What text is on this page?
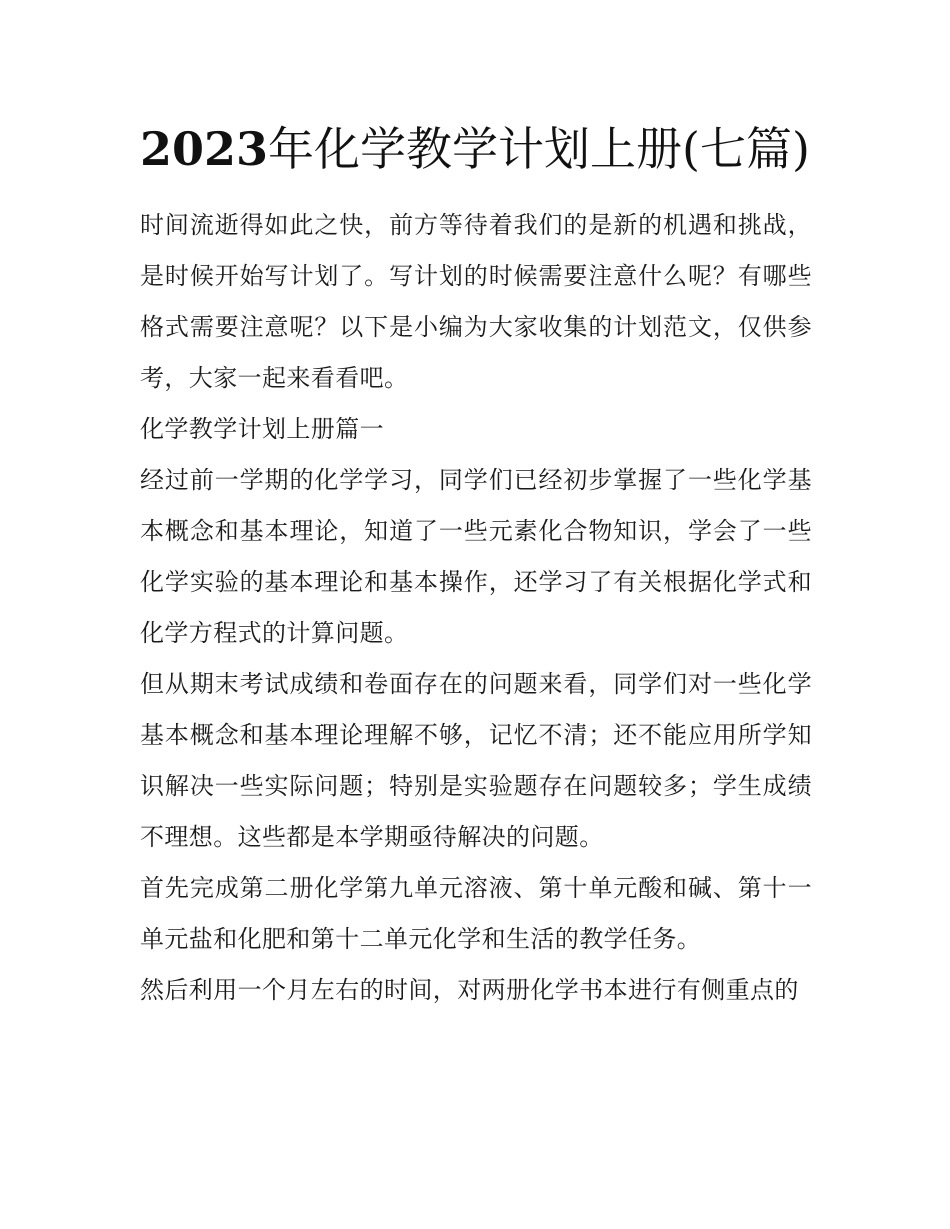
2023年化学教学计划上册(七篇)

时间流逝得如此之快，前方等待着我们的是新的机遇和挑战，是时候开始写计划了。写计划的时候需要注意什么呢？有哪些格式需要注意呢？以下是小编为大家收集的计划范文，仅供参考，大家一起来看看吧。

化学教学计划上册篇一

经过前一学期的化学学习，同学们已经初步掌握了一些化学基本概念和基本理论，知道了一些元素化合物知识，学会了一些化学实验的基本理论和基本操作，还学习了有关根据化学式和化学方程式的计算问题。

但从期末考试成绩和卷面存在的问题来看，同学们对一些化学基本概念和基本理论理解不够，记忆不清；还不能应用所学知识解决一些实际问题；特别是实验题存在问题较多；学生成绩不理想。这些都是本学期亟待解决的问题。

首先完成第二册化学第九单元溶液、第十单元酸和碱、第十一单元盐和化肥和第十二单元化学和生活的教学任务。

然后利用一个月左右的时间，对两册化学书本进行有侧重点的
